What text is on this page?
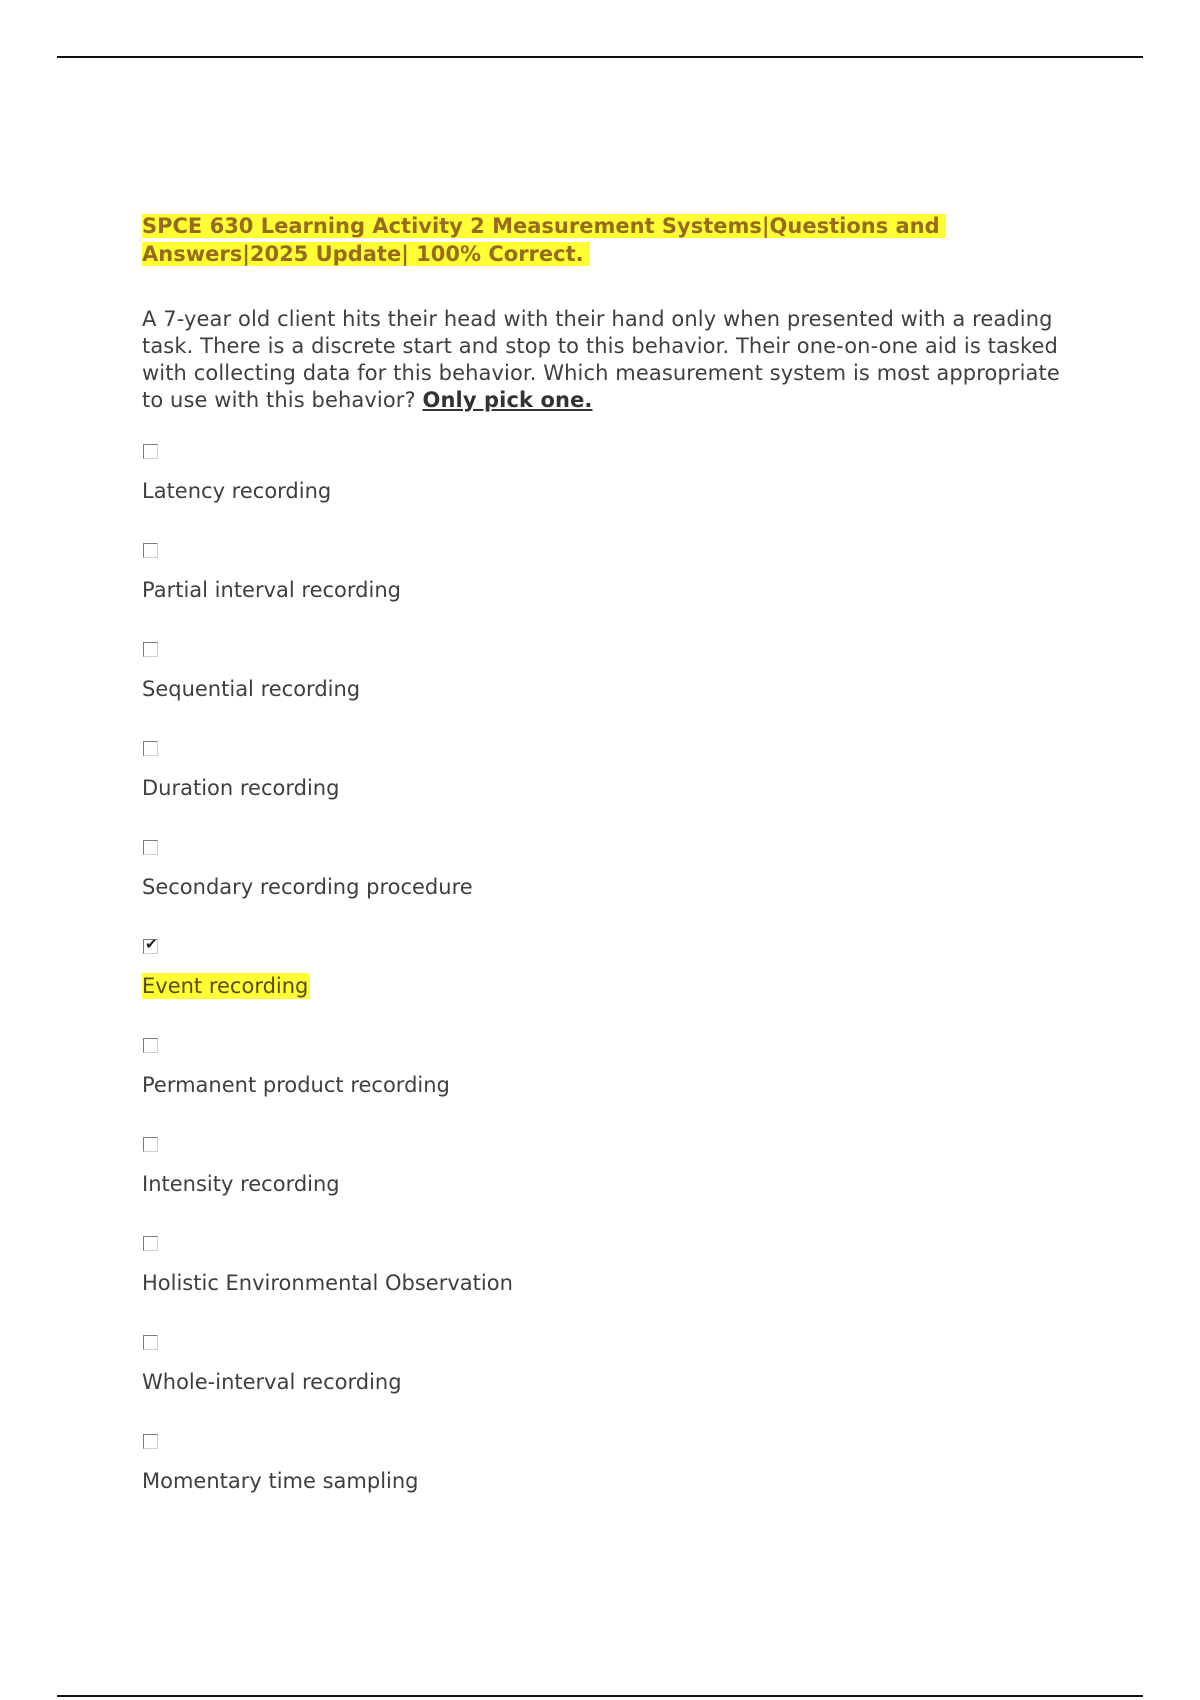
SPCE 630 Learning Activity 2 Measurement Systems|Questions and
Answers|2025 Update| 100% Correct.
A 7-year old client hits their head with their hand only when presented with a reading task. There is a discrete start and stop to this behavior. Their one-on-one aid is tasked with collecting data for this behavior. Which measurement system is most appropriate to use with this behavior? Only pick one.
Latency recording
Partial interval recording
Sequential recording
Duration recording
Secondary recording procedure
✔
Event recording
Permanent product recording
Intensity recording
Holistic Environmental Observation
Whole-interval recording
Momentary time sampling
